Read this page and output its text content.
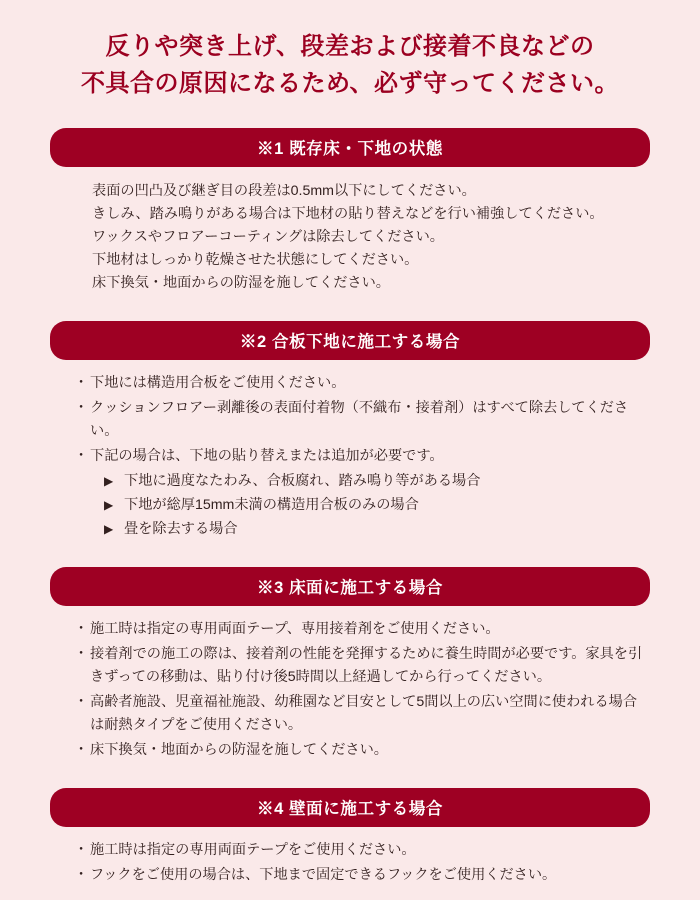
反りや突き上げ、段差および接着不良などの
不具合の原因になるため、必ず守ってください。
※1 既存床・下地の状態
表面の凹凸及び継ぎ目の段差は0.5mm以下にしてください。
きしみ、踏み鳴りがある場合は下地材の貼り替えなどを行い補強してください。
ワックスやフロアーコーティングは除去してください。
下地材はしっかり乾燥させた状態にしてください。
床下換気・地面からの防湿を施してください。
※2 合板下地に施工する場合
・ 下地には構造用合板をご使用ください。
・ クッションフロアー剥離後の表面付着物（不織布・接着剤）はすべて除去してください。
・ 下記の場合は、下地の貼り替えまたは追加が必要です。
▶ 下地に過度なたわみ、合板腐れ、踏み鳴り等がある場合
▶ 下地が総厚15mm未満の構造用合板のみの場合
▶ 畳を除去する場合
※3 床面に施工する場合
・ 施工時は指定の専用両面テープ、専用接着剤をご使用ください。
・ 接着剤での施工の際は、接着剤の性能を発揮するために養生時間が必要です。家具を引きずっての移動は、貼り付け後5時間以上経過してから行ってください。
・ 高齢者施設、児童福祉施設、幼稚園など目安として5間以上の広い空間に使われる場合は耐熱タイプをご使用ください。
・ 床下換気・地面からの防湿を施してください。
※4 壁面に施工する場合
・ 施工時は指定の専用両面テープをご使用ください。
・ フックをご使用の場合は、下地まで固定できるフックをご使用ください。
